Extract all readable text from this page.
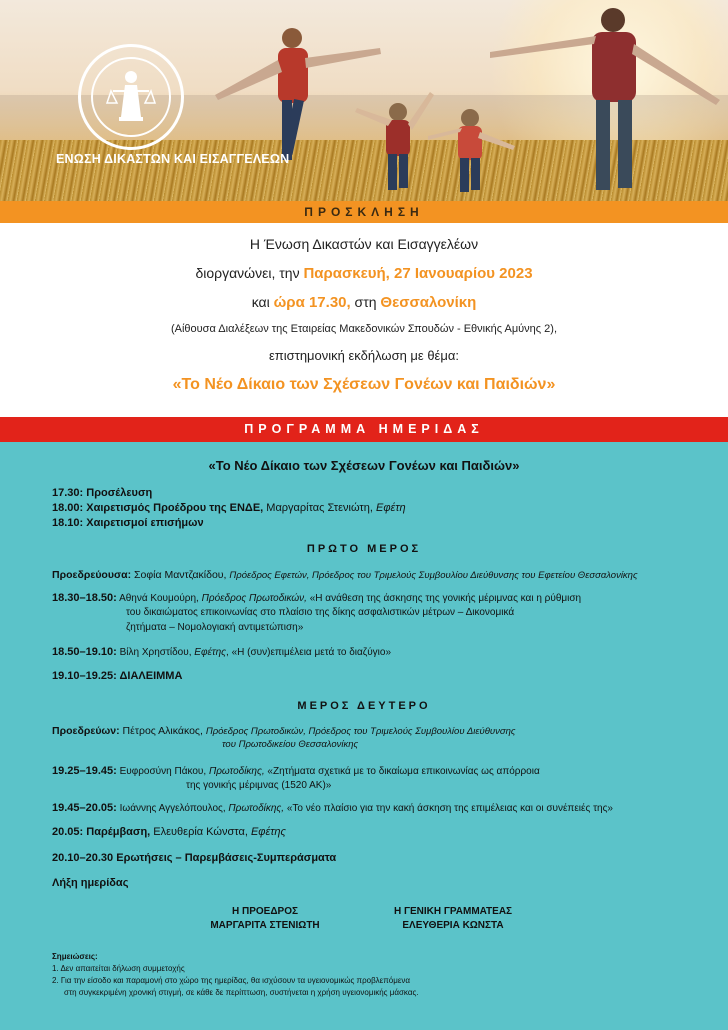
ΕΝΩΣΗ ΔΙΚΑΣΤΩΝ ΚΑΙ ΕΙΣΑΓΓΕΛΕΩΝ
ΠΡΟΣΚΛΗΣΗ
Η Ένωση Δικαστών και Εισαγγελέων
διοργανώνει, την Παρασκευή, 27 Ιανουαρίου 2023
και ώρα 17.30, στη Θεσσαλονίκη
(Αίθουσα Διαλέξεων της Εταιρείας Μακεδονικών Σπουδών - Εθνικής Αμύνης 2),
επιστημονική εκδήλωση με θέμα:
«Το Νέο Δίκαιο των Σχέσεων Γονέων και Παιδιών»
ΠΡΟΓΡΑΜΜΑ ΗΜΕΡΙΔΑΣ
«Το Νέο Δίκαιο των Σχέσεων Γονέων και Παιδιών»
17.30: Προσέλευση
18.00: Χαιρετισμός Προέδρου της ΕΝΔΕ, Μαργαρίτας Στενιώτη, Εφέτη
18.10: Χαιρετισμοί επισήμων
ΠΡΩΤΟ ΜΕΡΟΣ
Προεδρεύουσα: Σοφία Μαντζακίδου, Πρόεδρος Εφετών, Πρόεδρος του Τριμελούς Συμβουλίου Διεύθυνσης του Εφετείου Θεσσαλονίκης
18.30–18.50: Αθηνά Κουμούρη, Πρόεδρος Πρωτοδικών, «Η ανάθεση της άσκησης της γονικής μέριμνας και η ρύθμιση
του δικαιώματος επικοινωνίας στο πλαίσιο της δίκης ασφαλιστικών μέτρων – Δικονομικά
ζητήματα – Νομολογιακή αντιμετώπιση»
18.50–19.10: Βίλη Χρηστίδου, Εφέτης, «Η (συν)επιμέλεια μετά το διαζύγιο»
19.10–19.25: ΔΙΑΛΕΙΜΜΑ
ΜΕΡΟΣ ΔΕΥΤΕΡΟ
Προεδρεύων: Πέτρος Αλικάκος, Πρόεδρος Πρωτοδικών, Πρόεδρος του Τριμελούς Συμβουλίου Διεύθυνσης
του Πρωτοδικείου Θεσσαλονίκης
19.25–19.45: Ευφροσύνη Πάκου, Πρωτοδίκης, «Ζητήματα σχετικά με το δικαίωμα επικοινωνίας ως απόρροια
της γονικής μέριμνας (1520 ΑΚ)»
19.45–20.05: Ιωάννης Αγγελόπουλος, Πρωτοδίκης, «Το νέο πλαίσιο για την κακή άσκηση της επιμέλειας και οι συνέπειές της»
20.05: Παρέμβαση, Ελευθερία Κώνστα, Εφέτης
20.10–20.30 Ερωτήσεις – Παρεμβάσεις-Συμπεράσματα
Λήξη ημερίδας
Η ΠΡΟΕΔΡΟΣ
ΜΑΡΓΑΡΙΤΑ ΣΤΕΝΙΩΤΗ
Η ΓΕΝΙΚΗ ΓΡΑΜΜΑΤΕΑΣ
ΕΛΕΥΘΕΡΙΑ ΚΩΝΣΤΑ
Σημειώσεις:
1. Δεν απαιτείται δήλωση συμμετοχής
2. Για την είσοδο και παραμονή στο χώρο της ημερίδας, θα ισχύσουν τα υγειονομικώς προβλεπόμενα
στη συγκεκριμένη χρονική στιγμή, σε κάθε δε περίπτωση, συστήνεται η χρήση υγειονομικής μάσκας.
